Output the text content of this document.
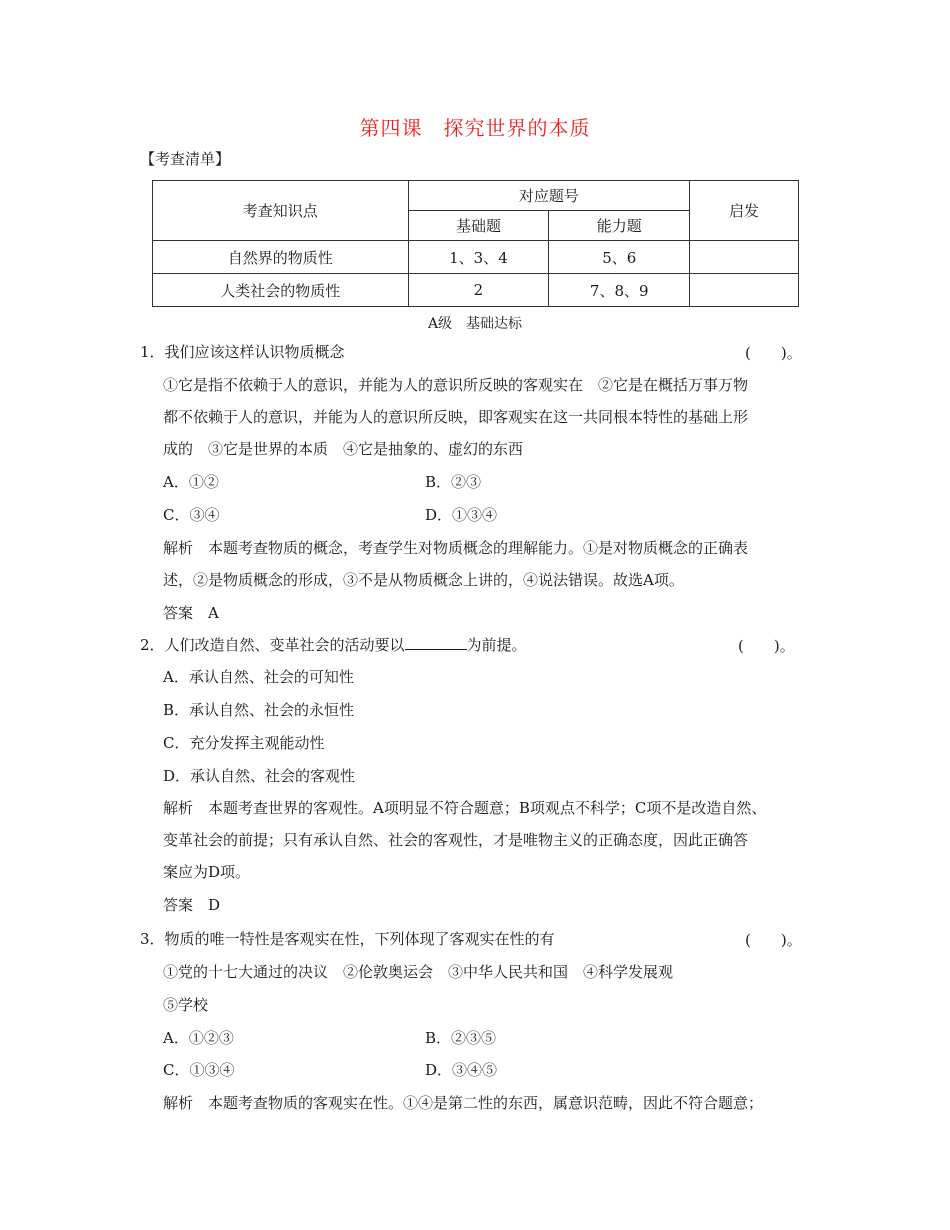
第四课　探究世界的本质
【考查清单】
考查知识点	对应题号		启发
	基础题	能力题	
自然界的物质性	1、3、4	5、6	
人类社会的物质性	2	7、8、9	
A级　基础达标
1．我们应该这样认识物质概念	(　　)。
①它是指不依赖于人的意识，并能为人的意识所反映的客观实在　②它是在概括万事万物
都不依赖于人的意识，并能为人的意识所反映，即客观实在这一共同根本特性的基础上形
成的　③它是世界的本质　④它是抽象的、虚幻的东西
A．①②	B．②③
C．③④	D．①③④
解析　本题考查物质的概念，考查学生对物质概念的理解能力。①是对物质概念的正确表
述，②是物质概念的形成，③不是从物质概念上讲的，④说法错误。故选A项。
答案　A
2．人们改造自然、变革社会的活动要以	为前提。	(　　)。
A．承认自然、社会的可知性
B．承认自然、社会的永恒性
C．充分发挥主观能动性
D．承认自然、社会的客观性
解析　本题考查世界的客观性。A项明显不符合题意；B项观点不科学；C项不是改造自然、
变革社会的前提；只有承认自然、社会的客观性，才是唯物主义的正确态度，因此正确答
案应为D项。
答案　D
3．物质的唯一特性是客观实在性，下列体现了客观实在性的有	(　　)。
①党的十七大通过的决议　②伦敦奥运会　③中华人民共和国　④科学发展观
⑤学校
A．①②③	B．②③⑤
C．①③④	D．③④⑤
解析　本题考查物质的客观实在性。①④是第二性的东西，属意识范畴，因此不符合题意；
